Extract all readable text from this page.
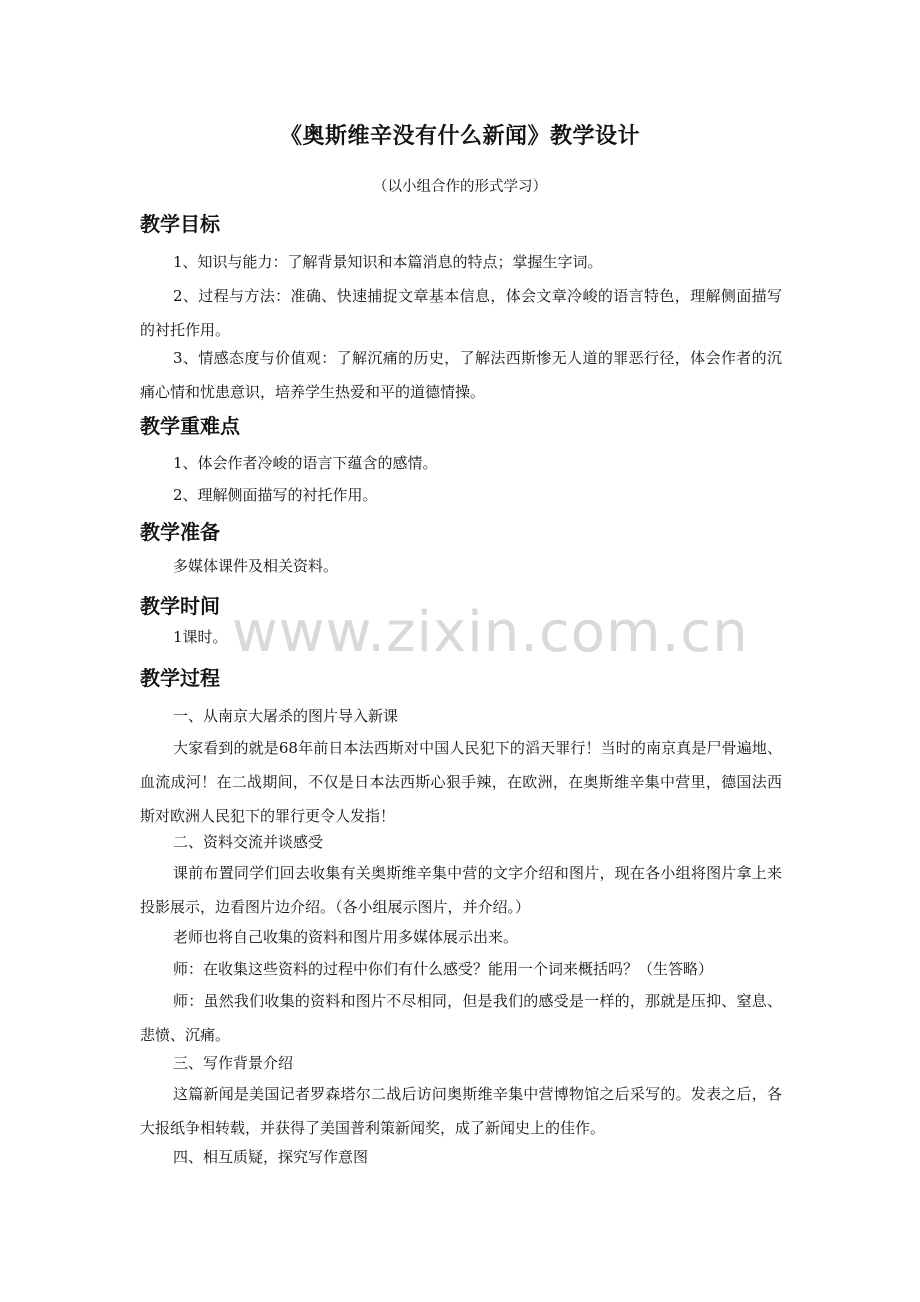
《奥斯维辛没有什么新闻》教学设计
（以小组合作的形式学习）
教学目标
1、知识与能力：了解背景知识和本篇消息的特点；掌握生字词。
2、过程与方法：准确、快速捕捉文章基本信息，体会文章冷峻的语言特色，理解侧面描写的衬托作用。
3、情感态度与价值观：了解沉痛的历史，了解法西斯惨无人道的罪恶行径，体会作者的沉痛心情和忧患意识，培养学生热爱和平的道德情操。
教学重难点
1、体会作者冷峻的语言下蕴含的感情。
2、理解侧面描写的衬托作用。
教学准备
多媒体课件及相关资料。
教学时间
1课时。
教学过程
一、从南京大屠杀的图片导入新课
大家看到的就是68年前日本法西斯对中国人民犯下的滔天罪行！当时的南京真是尸骨遍地、血流成河！在二战期间，不仅是日本法西斯心狠手辣，在欧洲，在奥斯维辛集中营里，德国法西斯对欧洲人民犯下的罪行更令人发指！
二、资料交流并谈感受
课前布置同学们回去收集有关奥斯维辛集中营的文字介绍和图片，现在各小组将图片拿上来投影展示，边看图片边介绍。（各小组展示图片，并介绍。）
老师也将自己收集的资料和图片用多媒体展示出来。
师：在收集这些资料的过程中你们有什么感受？能用一个词来概括吗？（生答略）
师：虽然我们收集的资料和图片不尽相同，但是我们的感受是一样的，那就是压抑、窒息、悲愤、沉痛。
三、写作背景介绍
这篇新闻是美国记者罗森塔尔二战后访问奥斯维辛集中营博物馆之后采写的。发表之后，各大报纸争相转载，并获得了美国普利策新闻奖，成了新闻史上的佳作。
四、相互质疑，探究写作意图
www.zixin.com.cn
